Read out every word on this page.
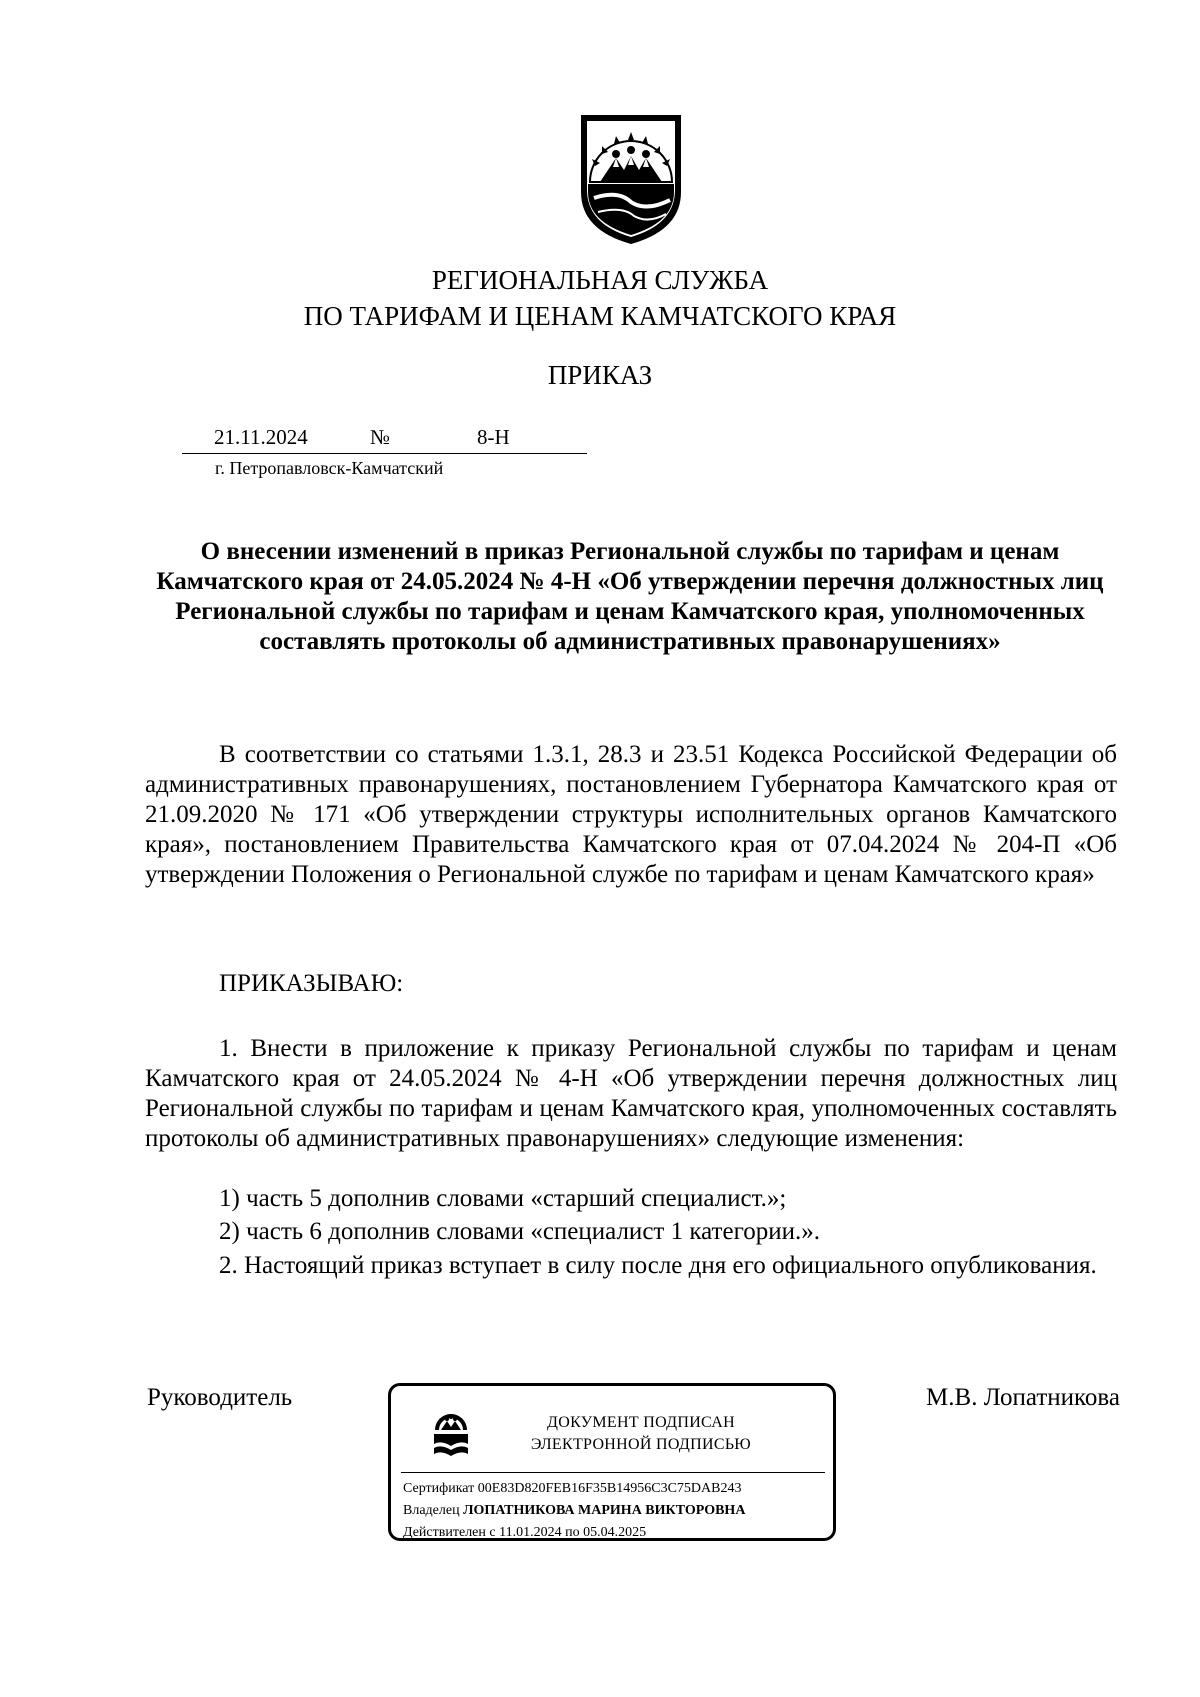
РЕГИОНАЛЬНАЯ СЛУЖБА
ПО ТАРИФАМ И ЦЕНАМ КАМЧАТСКОГО КРАЯ
ПРИКАЗ
21.11.2024	№	8-Н
г. Петропавловск-Камчатский
О внесении изменений в приказ Региональной службы по тарифам и ценам Камчатского края от 24.05.2024 № 4-Н «Об утверждении перечня должностных лиц Региональной службы по тарифам и ценам Камчатского края, уполномоченных составлять протоколы об административных правонарушениях»

В соответствии со статьями 1.3.1, 28.3 и 23.51 Кодекса Российской Федерации об административных правонарушениях, постановлением Губернатора Камчатского края от 21.09.2020 № 171 «Об утверждении структуры исполнительных органов Камчатского края», постановлением Правительства Камчатского края от 07.04.2024 № 204-П «Об утверждении Положения о Региональной службе по тарифам и ценам Камчатского края»

ПРИКАЗЫВАЮ:

1. Внести в приложение к приказу Региональной службы по тарифам и ценам Камчатского края от 24.05.2024 № 4-Н «Об утверждении перечня должностных лиц Региональной службы по тарифам и ценам Камчатского края, уполномоченных составлять протоколы об административных правонарушениях» следующие изменения:

1) часть 5 дополнив словами «старший специалист.»;
2) часть 6 дополнив словами «специалист 1 категории.».

2. Настоящий приказ вступает в силу после дня его официального опубликования.

Руководитель	М.В. Лопатникова
ДОКУМЕНТ ПОДПИСАН
ЭЛЕКТРОННОЙ ПОДПИСЬЮ
Сертификат 00E83D820FEB16F35B14956C3C75DAB243
Владелец ЛОПАТНИКОВА МАРИНА ВИКТОРОВНА
Действителен с 11.01.2024 по 05.04.2025
